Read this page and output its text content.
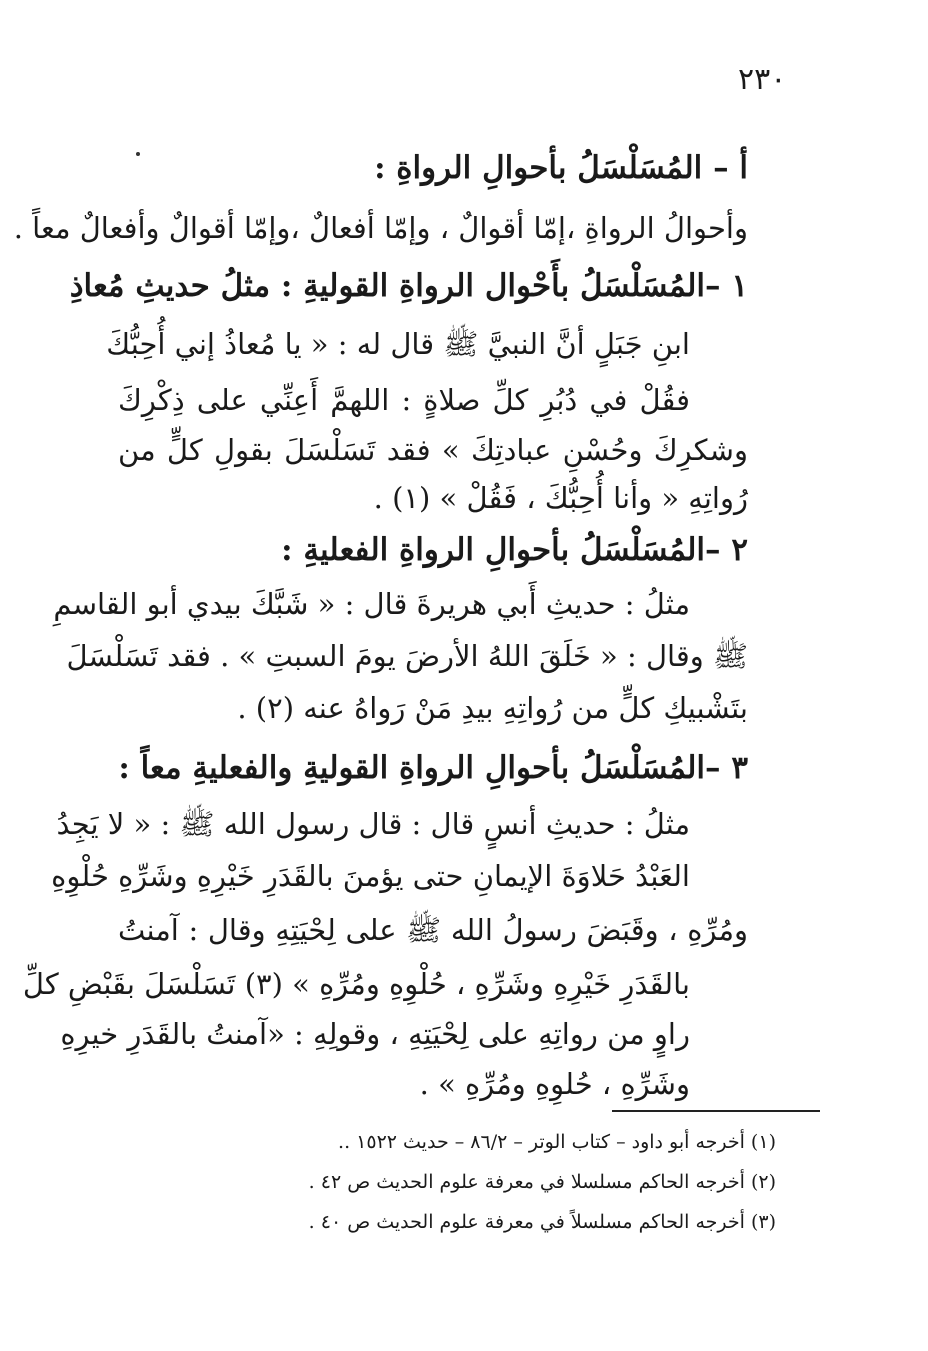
٢٣٠
أ – المُسَلْسَلُ بأحوالِ الرواةِ :
وأحوالُ الرواةِ ،إمّا أقوالٌ ، وإمّا أفعالٌ ،وإمّا أقوالٌ وأفعالٌ معاً .
١ –المُسَلْسَلُ بأَحْوال الرواةِ القوليةِ : مثلُ حديثِ مُعاذِ
ابنِ جَبَلٍ أنَّ النبيَّ ﷺ قال له : « يا مُعاذُ إني أُحِبُّكَ
فقُلْ في دُبُرِ كلِّ صلاةٍ : اللهمَّ أَعِنِّي على ذِكْرِكَ
وشكرِكَ وحُسْنِ عبادتِكَ » فقد تَسَلْسَلَ بقولِ كلٍّ من
رُواتِهِ « وأنا أُحِبُّكَ ، فَقُلْ » (١) .
٢ –المُسَلْسَلُ بأحوالِ الرواةِ الفعليةِ :
مثلُ : حديثِ أَبي هريرةَ قال : « شَبَّكَ بيدي أبو القاسمِ
ﷺ وقال : « خَلَقَ اللهُ الأرضَ يومَ السبتِ » . فقد تَسَلْسَلَ
بتَشْبيكِ كلٍّ من رُواتِهِ بيدِ مَنْ رَواهُ عنه (٢) .
٣ –المُسَلْسَلُ بأحوالِ الرواةِ القوليةِ والفعليةِ معاً :
مثلُ : حديثِ أنسٍ قال : قال رسول الله ﷺ : « لا يَجِدُ
العَبْدُ حَلاوَةَ الإيمانِ حتى يؤمنَ بالقَدَرِ خَيْرِهِ وشَرِّهِ حُلْوِهِ
ومُرِّهِ ، وقَبَضَ رسولُ الله ﷺ على لِحْيَتِهِ وقال : آمنتُ
بالقَدَرِ خَيْرِهِ وشَرِّهِ ، حُلْوِهِ ومُرِّهِ » (٣) تَسَلْسَلَ بقَبْضِ كلِّ
راوٍ من رواتِهِ على لِحْيَتِهِ ، وقولِهِ : «آمنتُ بالقَدَرِ خيرِهِ
وشَرِّهِ ، حُلوِهِ ومُرِّهِ » .
(١) أخرجه أبو داود – كتاب الوتر – ٨٦/٢ – حديث ١٥٢٢ ..
(٢) أخرجه الحاكم مسلسلا في معرفة علوم الحديث ص ٤٢ .
(٣) أخرجه الحاكم مسلسلاً في معرفة علوم الحديث ص ٤٠ .
